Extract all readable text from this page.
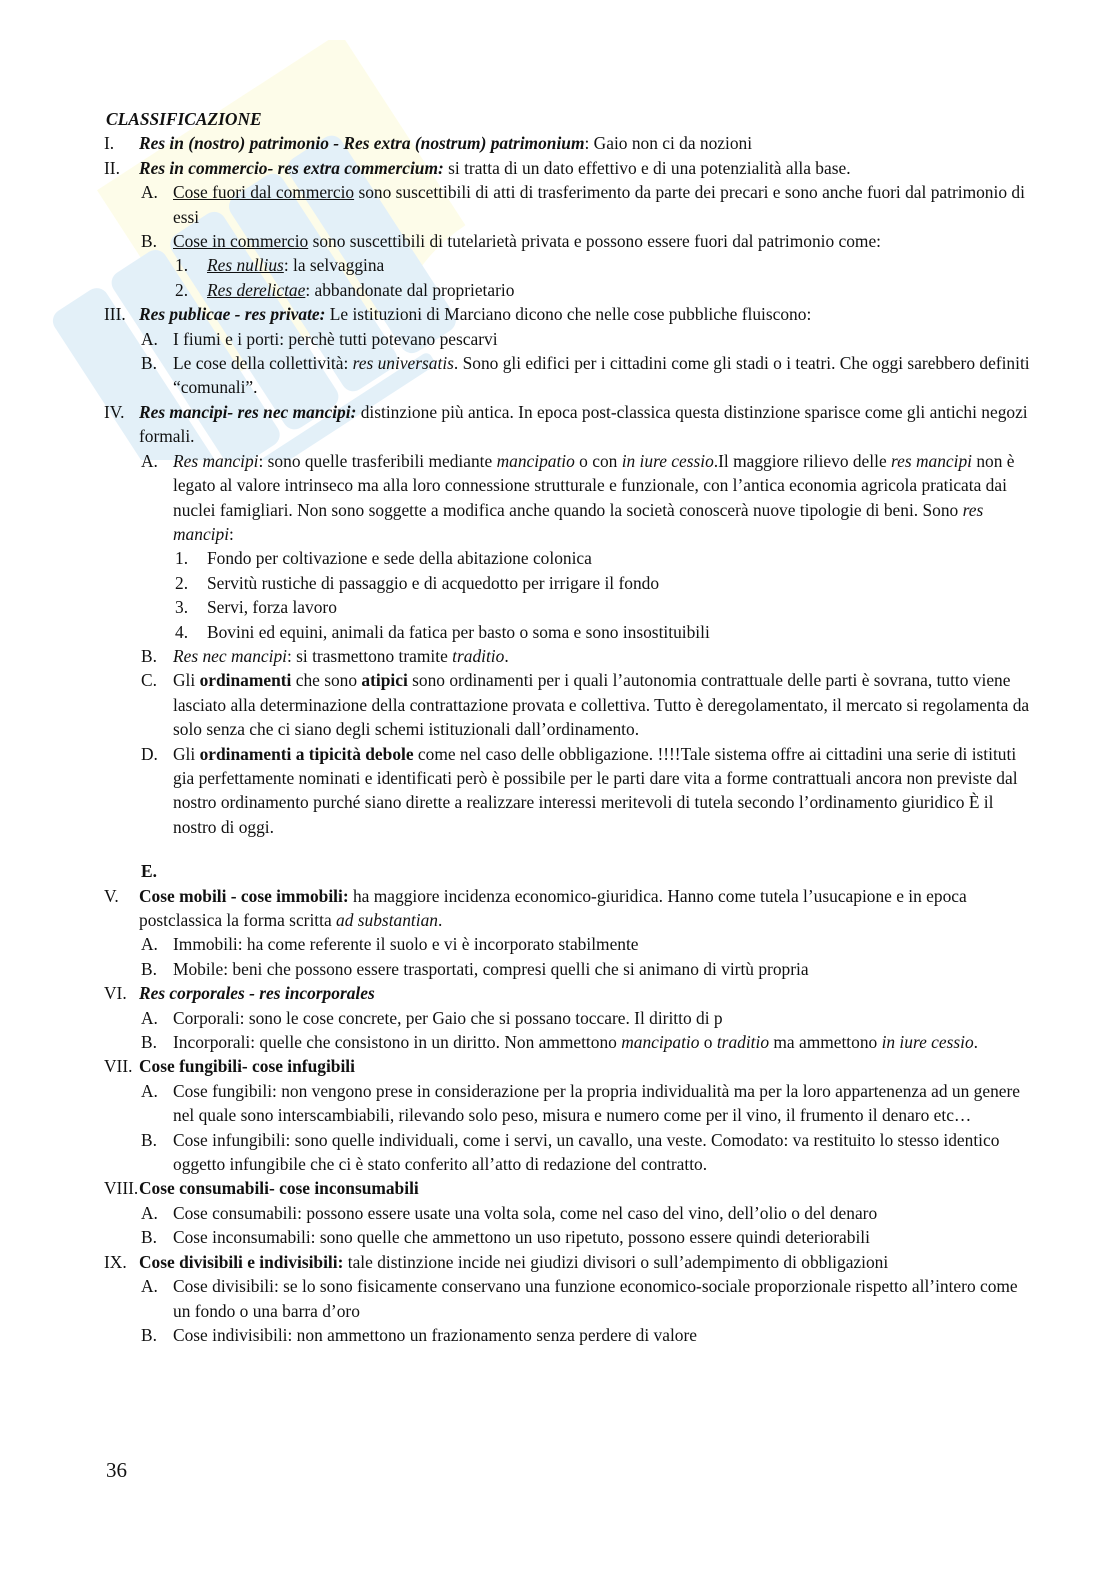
CLASSIFICAZIONE
I. Res in (nostro) patrimonio - Res extra (nostrum) patrimonium: Gaio non ci da nozioni
II. Res in commercio- res extra commercium: si tratta di un dato effettivo e di una potenzialità alla base.
A. Cose fuori dal commercio sono suscettibili di atti di trasferimento da parte dei precari e sono anche fuori dal patrimonio di essi
B. Cose in commercio sono suscettibili di tutelarietà privata e possono essere fuori dal patrimonio come:
1. Res nullius: la selvaggina
2. Res derelictae: abbandonate dal proprietario
III. Res publicae - res private: Le istituzioni di Marciano dicono che nelle cose pubbliche fluiscono:
A. I fiumi e i porti: perchè tutti potevano pescarvi
B. Le cose della collettività: res universatis. Sono gli edifici per i cittadini come gli stadi o i teatri. Che oggi sarebbero definiti “comunali”.
IV. Res mancipi- res nec mancipi: distinzione più antica. In epoca post-classica questa distinzione sparisce come gli antichi negozi formali.
A. Res mancipi: sono quelle trasferibili mediante mancipatio o con in iure cessio.Il maggiore rilievo delle res mancipi non è legato al valore intrinseco ma alla loro connessione strutturale e funzionale, con l’antica economia agricola praticata dai nuclei famigliari. Non sono soggette a modifica anche quando la società conoscerà nuove tipologie di beni. Sono res mancipi:
1. Fondo per coltivazione e sede della abitazione colonica
2. Servitù rustiche di passaggio e di acquedotto per irrigare il fondo
3. Servi, forza lavoro
4. Bovini ed equini, animali da fatica per basto o soma e sono insostituibili
B. Res nec mancipi: si trasmettono tramite traditio.
C. Gli ordinamenti che sono atipici sono ordinamenti per i quali l’autonomia contrattuale delle parti è sovrana, tutto viene lasciato alla determinazione della contrattazione provata e collettiva. Tutto è deregolamentato, il mercato si regolamenta da solo senza che ci siano degli schemi istituzionali dall’ordinamento.
D. Gli ordinamenti a tipicità debole come nel caso delle obbligazione. !!!!Tale sistema offre ai cittadini una serie di istituti gia perfettamente nominati e identificati però è possibile per le parti dare vita a forme contrattuali ancora non previste dal nostro ordinamento purché siano dirette a realizzare interessi meritevoli di tutela secondo l’ordinamento giuridico È il nostro di oggi.
E.

V. Cose mobili - cose immobili: ha maggiore incidenza economico-giuridica. Hanno come tutela l’usucapione e in epoca postclassica la forma scritta ad substantian.
A. Immobili: ha come referente il suolo e vi è incorporato stabilmente
B. Mobile: beni che possono essere trasportati, compresi quelli che si animano di virtù propria
VI. Res corporales - res incorporales
A. Corporali: sono le cose concrete, per Gaio che si possano toccare. Il diritto di p
B. Incorporali: quelle che consistono in un diritto. Non ammettono mancipatio o traditio ma ammettono in iure cessio.
VII. Cose fungibili- cose infugibili
A. Cose fungibili: non vengono prese in considerazione per la propria individualità ma per la loro appartenenza ad un genere nel quale sono interscambiabili, rilevando solo peso, misura e numero come per il vino, il frumento il denaro etc…
B. Cose infungibili: sono quelle individuali, come i servi, un cavallo, una veste. Comodato: va restituito lo stesso identico oggetto infungibile che ci è stato conferito all’atto di redazione del contratto.
VIII. Cose consumabili- cose inconsumabili
A. Cose consumabili: possono essere usate una volta sola, come nel caso del vino, dell’olio o del denaro
B. Cose inconsumabili: sono quelle che ammettono un uso ripetuto, possono essere quindi deteriorabili
IX. Cose divisibili e indivisibili: tale distinzione incide nei giudizi divisori o sull’adempimento di obbligazioni
A. Cose divisibili: se lo sono fisicamente conservano una funzione economico-sociale proporzionale rispetto all’intero come un fondo o una barra d’oro
B. Cose indivisibili: non ammettono un frazionamento senza perdere di valore
36
